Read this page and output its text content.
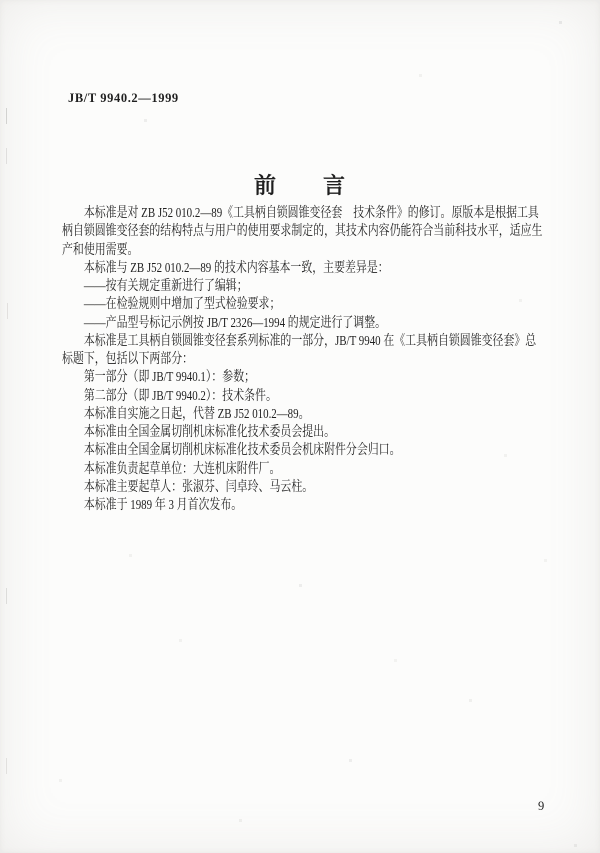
JB/T 9940.2—1999
前　　言
本标准是对 ZB J52 010.2—89《工具柄自锁圆锥变径套　技术条件》的修订。原版本是根据工具
柄自锁圆锥变径套的结构特点与用户的使用要求制定的，其技术内容仍能符合当前科技水平，适应生
产和使用需要。
本标准与 ZB J52 010.2—89 的技术内容基本一致，主要差异是：
——按有关规定重新进行了编辑；
——在检验规则中增加了型式检验要求；
——产品型号标记示例按 JB/T 2326—1994 的规定进行了调整。
本标准是工具柄自锁圆锥变径套系列标准的一部分，JB/T 9940 在《工具柄自锁圆锥变径套》总
标题下，包括以下两部分：
第一部分（即 JB/T 9940.1）：参数；
第二部分（即 JB/T 9940.2）：技术条件。
本标准自实施之日起，代替 ZB J52 010.2—89。
本标准由全国金属切削机床标准化技术委员会提出。
本标准由全国金属切削机床标准化技术委员会机床附件分会归口。
本标准负责起草单位：大连机床附件厂。
本标准主要起草人：张淑芬、闫卓玲、马云柱。
本标准于 1989 年 3 月首次发布。
9
